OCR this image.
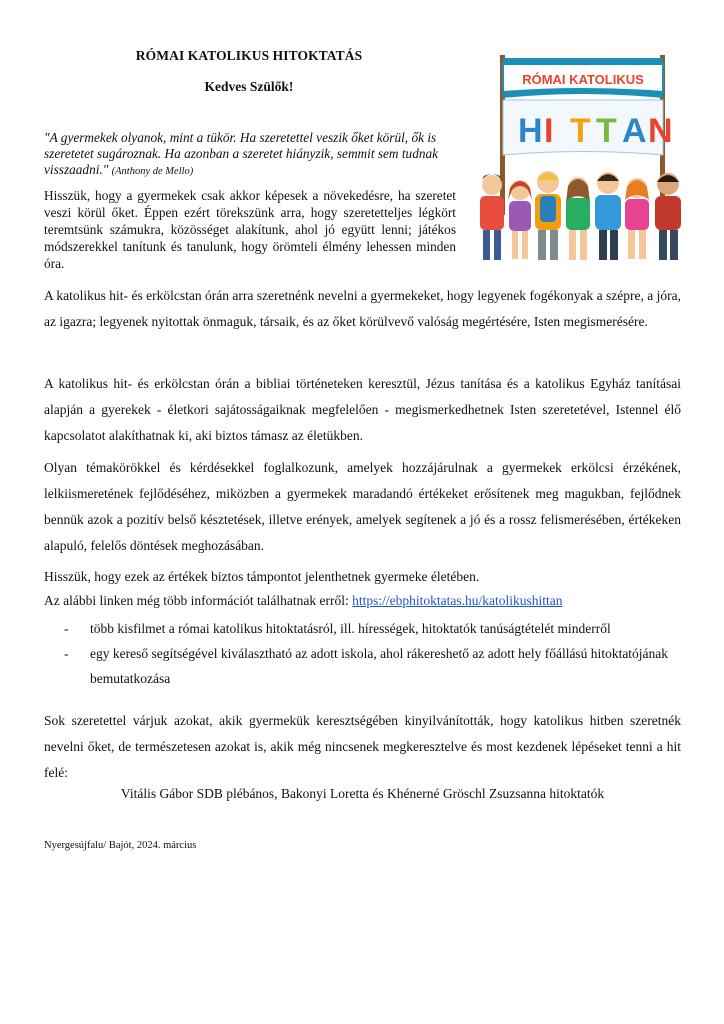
RÓMAI KATOLIKUS HITOKTATÁS
Kedves Szülők!
"A gyermekek olyanok, mint a tükör. Ha szeretettel veszik őket körül, ők is szeretetet sugároznak. Ha azonban a szeretet hiányzik, semmit sem tudnak visszaadni." (Anthony de Mello)
Hisszük, hogy a gyermekek csak akkor képesek a növekedésre, ha szeretet veszi körül őket. Éppen ezért törekszünk arra, hogy szeretetteljes légkört teremtsünk számukra, közösséget alakítunk, ahol jó együtt lenni; játékos módszerekkel tanítunk és tanulunk, hogy örömteli élmény lehessen minden óra.
RÓMAI KATOLIKUS
H I T T A N
A katolikus hit- és erkölcstan órán arra szeretnénk nevelni a gyermekeket, hogy legyenek fogékonyak a szépre, a jóra, az igazra; legyenek nyitottak önmaguk, társaik, és az őket körülvevő valóság megértésére, Isten megismerésére.
A katolikus hit- és erkölcstan órán a bibliai történeteken keresztül, Jézus tanítása és a katolikus Egyház tanításai alapján a gyerekek - életkori sajátosságaiknak megfelelően - megismerkedhetnek Isten szeretetével, Istennel élő kapcsolatot alakíthatnak ki, aki biztos támasz az életükben.
Olyan témakörökkel és kérdésekkel foglalkozunk, amelyek hozzájárulnak a gyermekek erkölcsi érzékének, lelkiismeretének fejlődéséhez, miközben a gyermekek maradandó értékeket erősítenek meg magukban, fejlődnek bennük azok a pozitív belső késztetések, illetve erények, amelyek segítenek a jó és a rossz felismerésében, értékeken alapuló, felelős döntések meghozásában.
Hisszük, hogy ezek az értékek biztos támpontot jelenthetnek gyermeke életében.
Az alábbi linken még több információt találhatnak erről: https://ebphitoktatas.hu/katolikushittan
- több kisfilmet a római katolikus hitoktatásról, ill. hírességek, hitoktatók tanúságtételét minderről
- egy kereső segítségével kiválasztható az adott iskola, ahol rákereshető az adott hely főállású hitoktatójának bemutatkozása
Sok szeretettel várjuk azokat, akik gyermekük keresztségében kinyilvánították, hogy katolikus hitben szeretnék nevelni őket, de természetesen azokat is, akik még nincsenek megkeresztelve és most kezdenek lépéseket tenni a hit felé:
Vitális Gábor SDB plébános, Bakonyi Loretta és Khénerné Gröschl Zsuzsanna hitoktatók
Nyergesújfalu/ Bajót, 2024. március
